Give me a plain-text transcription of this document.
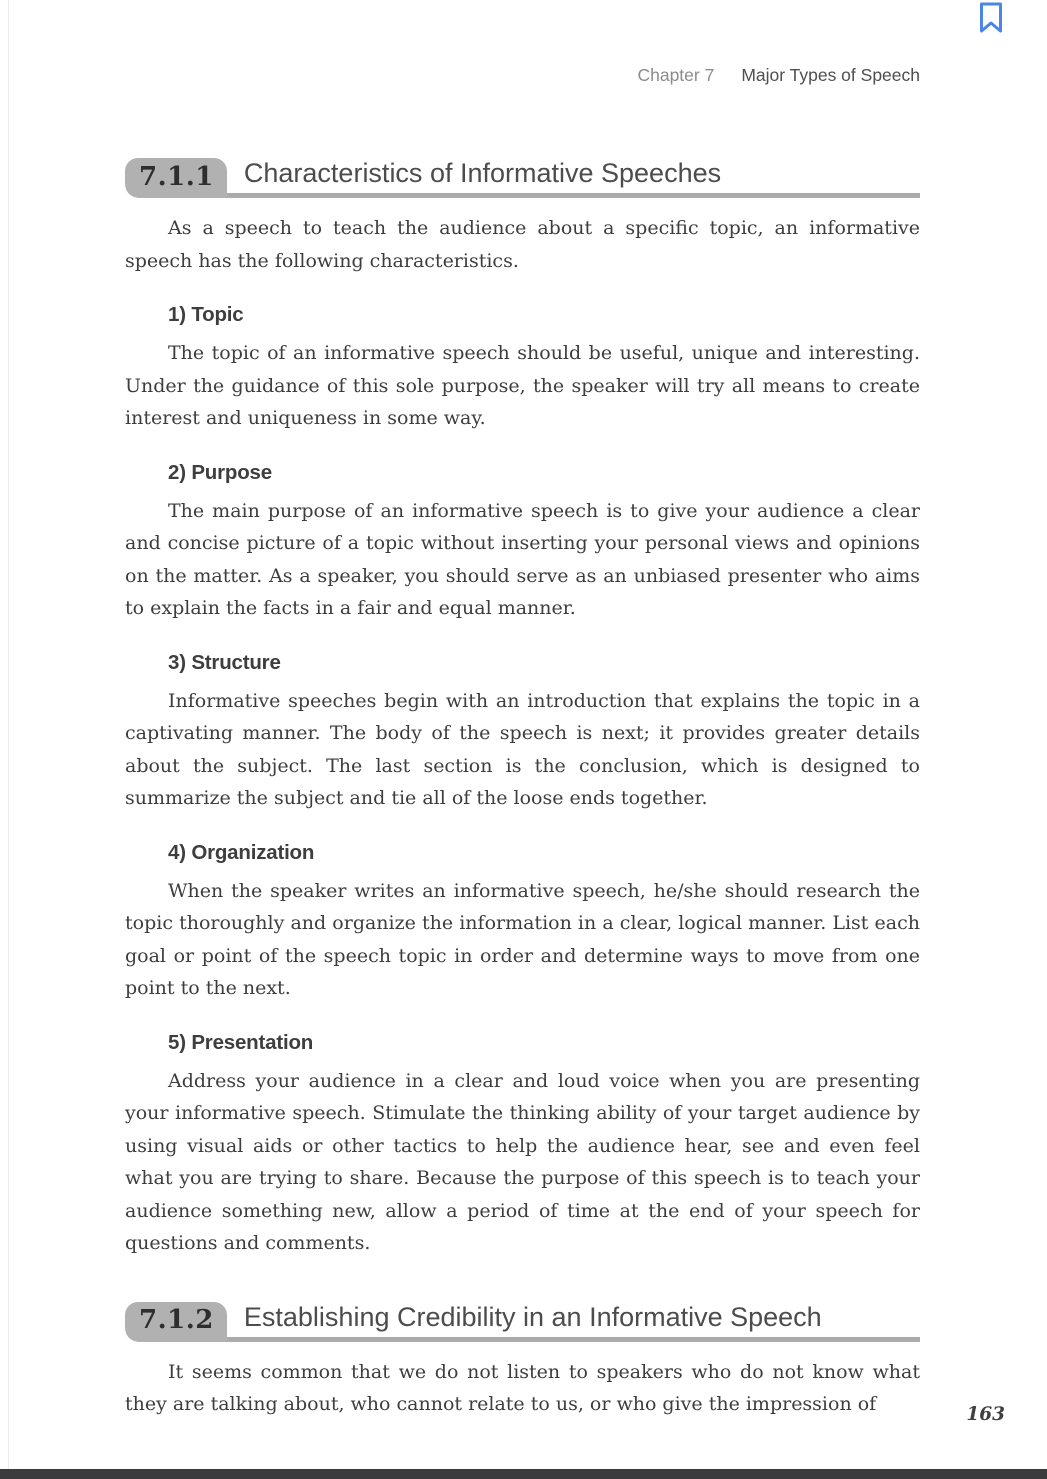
Chapter 7 Major Types of Speech
7.1.1	Characteristics of Informative Speeches

As a speech to teach the audience about a specific topic, an informative speech has the following characteristics.

1) Topic

The topic of an informative speech should be useful, unique and interesting. Under the guidance of this sole purpose, the speaker will try all means to create interest and uniqueness in some way.

2) Purpose

The main purpose of an informative speech is to give your audience a clear and concise picture of a topic without inserting your personal views and opinions on the matter. As a speaker, you should serve as an unbiased presenter who aims to explain the facts in a fair and equal manner.

3) Structure

Informative speeches begin with an introduction that explains the topic in a captivating manner. The body of the speech is next; it provides greater details about the subject. The last section is the conclusion, which is designed to summarize the subject and tie all of the loose ends together.

4) Organization

When the speaker writes an informative speech, he/she should research the topic thoroughly and organize the information in a clear, logical manner. List each goal or point of the speech topic in order and determine ways to move from one point to the next.

5) Presentation

Address your audience in a clear and loud voice when you are presenting your informative speech. Stimulate the thinking ability of your target audience by using visual aids or other tactics to help the audience hear, see and even feel what you are trying to share. Because the purpose of this speech is to teach your audience something new, allow a period of time at the end of your speech for questions and comments.

7.1.2	Establishing Credibility in an Informative Speech

It seems common that we do not listen to speakers who do not know what they are talking about, who cannot relate to us, or who give the impression of	163
